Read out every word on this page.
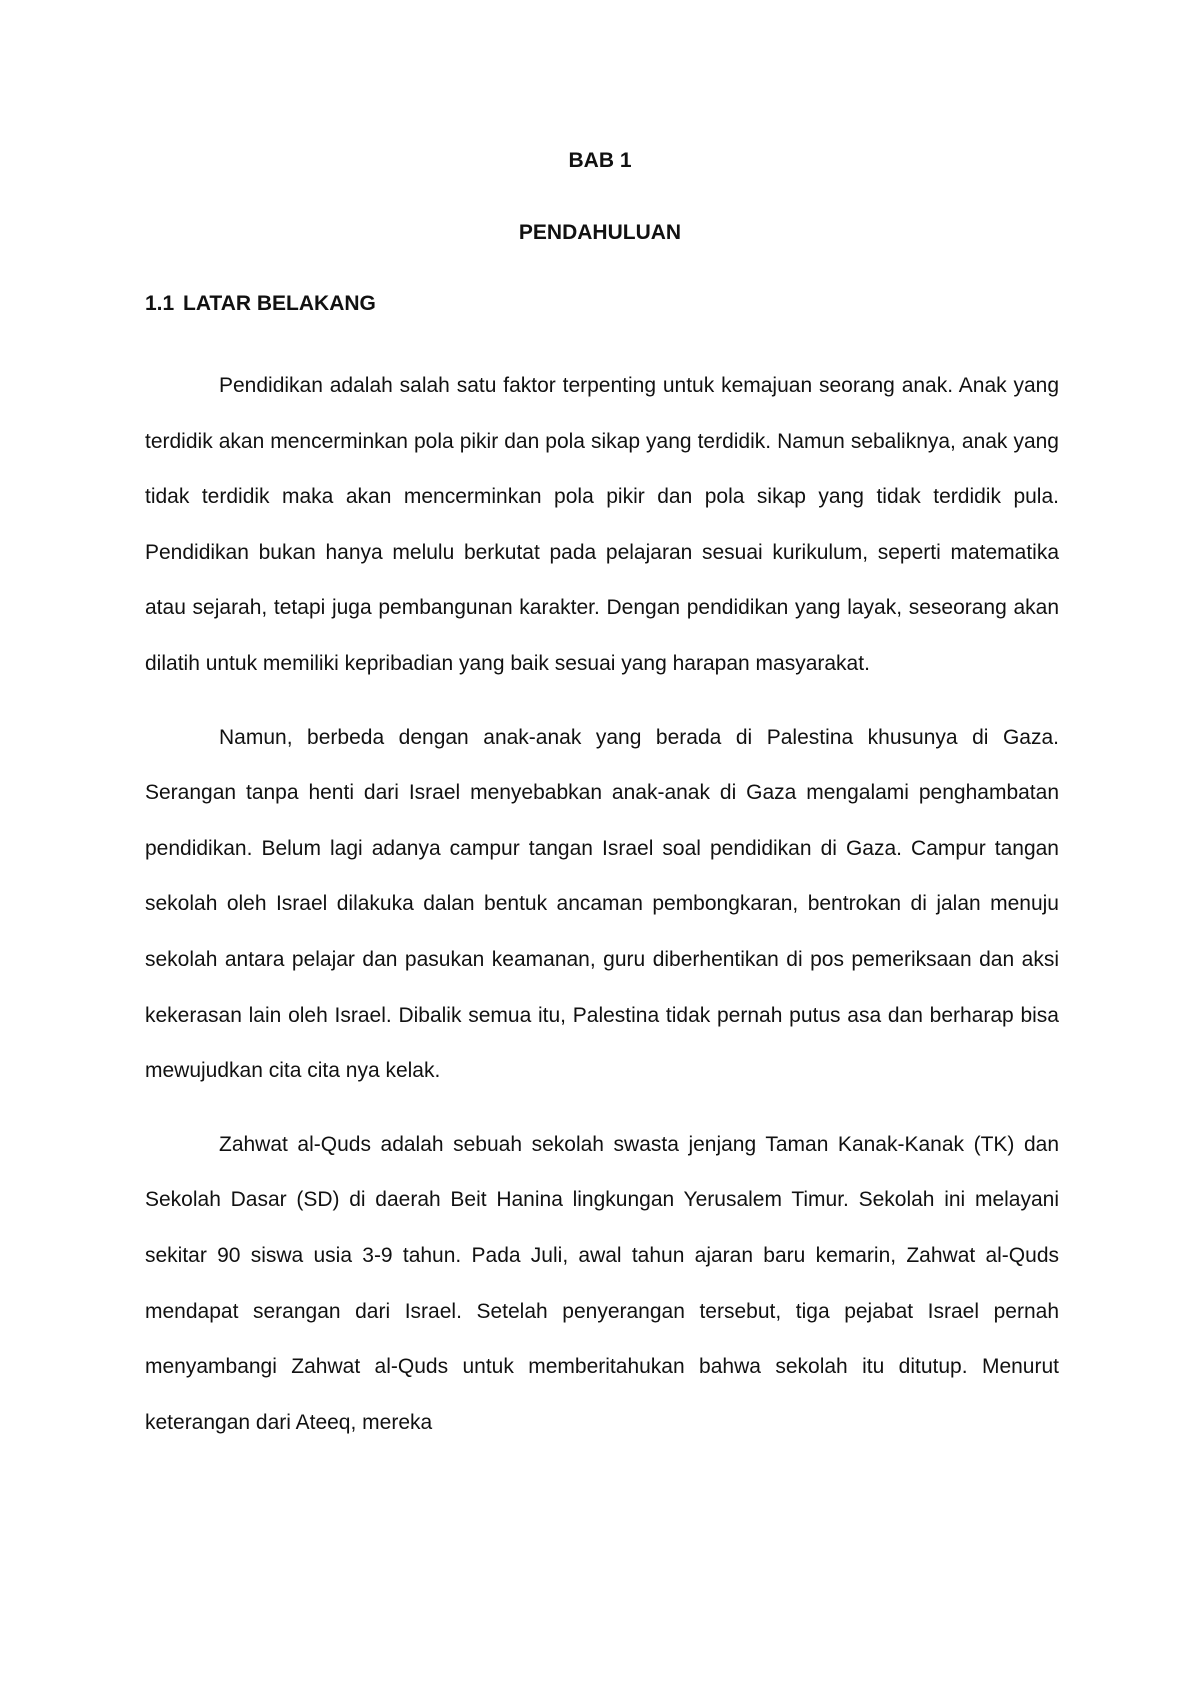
BAB 1
PENDAHULUAN
1.1 LATAR BELAKANG

Pendidikan adalah salah satu faktor terpenting untuk kemajuan seorang anak. Anak yang terdidik akan mencerminkan pola pikir dan pola sikap yang terdidik. Namun sebaliknya, anak yang tidak terdidik maka akan mencerminkan pola pikir dan pola sikap yang tidak terdidik pula. Pendidikan bukan hanya melulu berkutat pada pelajaran sesuai kurikulum, seperti matematika atau sejarah, tetapi juga pembangunan karakter. Dengan pendidikan yang layak, seseorang akan dilatih untuk memiliki kepribadian yang baik sesuai yang harapan masyarakat.

Namun, berbeda dengan anak-anak yang berada di Palestina khusunya di Gaza. Serangan tanpa henti dari Israel menyebabkan anak-anak di Gaza mengalami penghambatan pendidikan. Belum lagi adanya campur tangan Israel soal pendidikan di Gaza. Campur tangan sekolah oleh Israel dilakuka dalan bentuk ancaman pembongkaran, bentrokan di jalan menuju sekolah antara pelajar dan pasukan keamanan, guru diberhentikan di pos pemeriksaan dan aksi kekerasan lain oleh Israel. Dibalik semua itu, Palestina tidak pernah putus asa dan berharap bisa mewujudkan cita cita nya kelak.

Zahwat al-Quds adalah sebuah sekolah swasta jenjang Taman Kanak-Kanak (TK) dan Sekolah Dasar (SD) di daerah Beit Hanina lingkungan Yerusalem Timur. Sekolah ini melayani sekitar 90 siswa usia 3-9 tahun. Pada Juli, awal tahun ajaran baru kemarin, Zahwat al-Quds mendapat serangan dari Israel. Setelah penyerangan tersebut, tiga pejabat Israel pernah menyambangi Zahwat al-Quds untuk memberitahukan bahwa sekolah itu ditutup. Menurut keterangan dari Ateeq, mereka
